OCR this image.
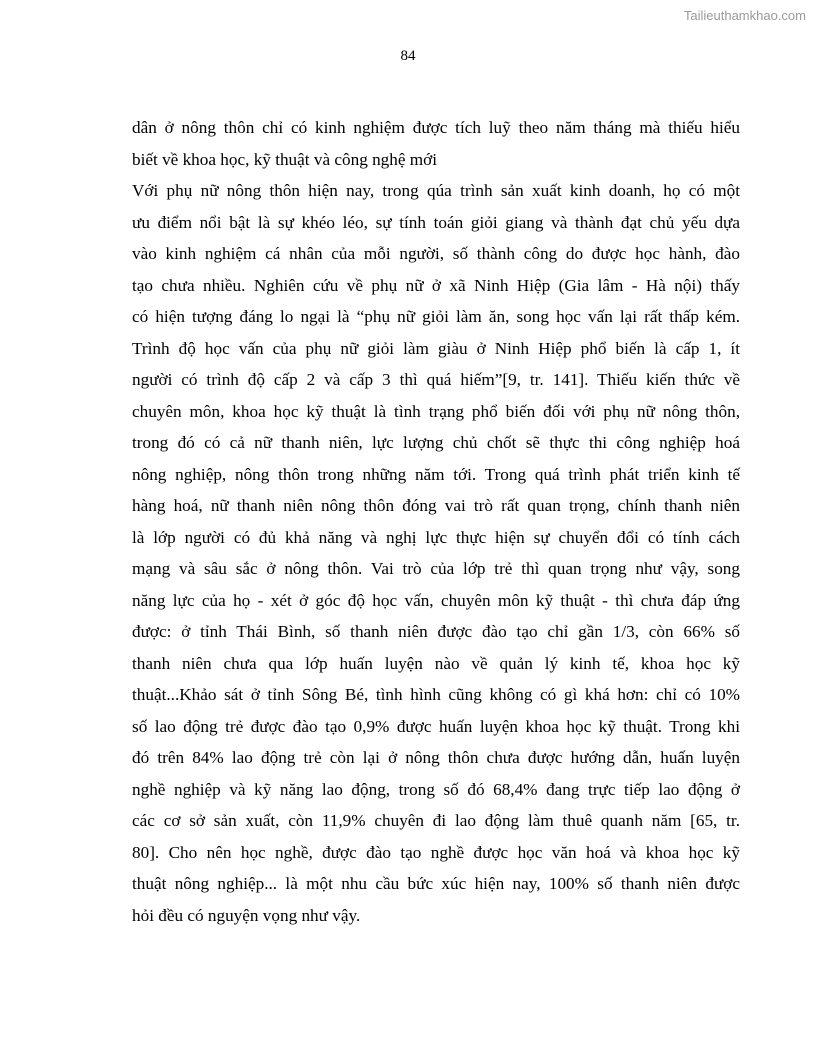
Tailieuthamkhao.com
84

dân ở nông thôn chỉ có kinh nghiệm được tích luỹ theo năm tháng mà thiếu hiểu

biết về khoa học, kỹ thuật và công nghệ mới

Với phụ nữ nông thôn hiện nay, trong qúa trình sản xuất kinh doanh, họ có một
ưu điểm nổi bật là sự khéo léo, sự tính toán giỏi giang và thành đạt chủ yếu dựa
vào kinh nghiệm cá nhân của mỗi người, số thành công do được học hành, đào
tạo chưa nhiều. Nghiên cứu về phụ nữ ở xã Ninh Hiệp (Gia lâm - Hà nội) thấy
có hiện tượng đáng lo ngại là “phụ nữ giỏi làm ăn, song học vấn lại rất thấp kém.
Trình độ học vấn của phụ nữ giỏi làm giàu ở Ninh Hiệp phổ biến là cấp 1, ít
người có trình độ cấp 2 và cấp 3 thì quá hiếm”[9, tr. 141]. Thiếu kiến thức về
chuyên môn, khoa học kỹ thuật là tình trạng phổ biến đối với phụ nữ nông thôn,
trong đó có cả nữ thanh niên, lực lượng chủ chốt sẽ thực thi công nghiệp hoá
nông nghiệp, nông thôn trong những năm tới. Trong quá trình phát triển kinh tế
hàng hoá, nữ thanh niên nông thôn đóng vai trò rất quan trọng, chính thanh niên
là lớp người có đủ khả năng và nghị lực thực hiện sự chuyển đổi có tính cách
mạng và sâu sắc ở nông thôn. Vai trò của lớp trẻ thì quan trọng như vậy, song
năng lực của họ - xét ở góc độ học vấn, chuyên môn kỹ thuật - thì chưa đáp ứng
được: ở tỉnh Thái Bình, số thanh niên được đào tạo chỉ gần 1/3, còn 66% số
thanh niên chưa qua lớp huấn luyện nào về quản lý kinh tế, khoa học kỹ
thuật...Khảo sát ở tỉnh Sông Bé, tình hình cũng không có gì khá hơn: chỉ có 10%
số lao động trẻ được đào tạo 0,9% được huấn luyện khoa học kỹ thuật. Trong khi
đó trên 84% lao động trẻ còn lại ở nông thôn chưa được hướng dẫn, huấn luyện
nghề nghiệp và kỹ năng lao động, trong số đó 68,4% đang trực tiếp lao động ở
các cơ sở sản xuất, còn 11,9% chuyên đi lao động làm thuê quanh năm [65, tr.
80]. Cho nên học nghề, được đào tạo nghề được học văn hoá và khoa học kỹ
thuật nông nghiệp... là một nhu cầu bức xúc hiện nay, 100% số thanh niên được

hỏi đều có nguyện vọng như vậy.
